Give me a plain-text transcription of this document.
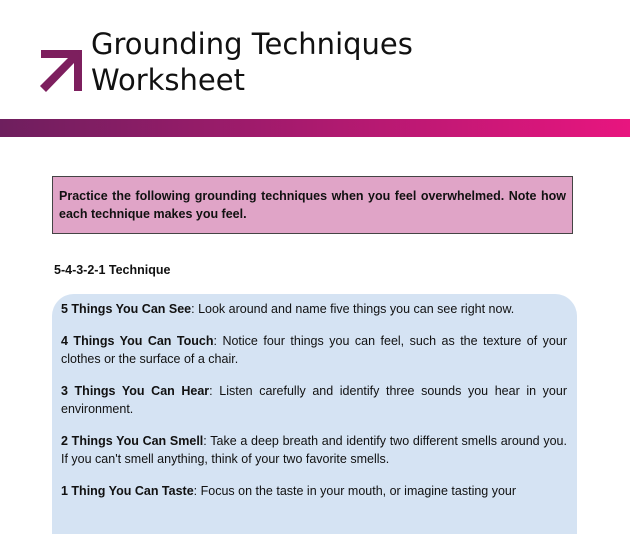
Grounding Techniques
Worksheet
Practice the following grounding techniques when you feel overwhelmed. Note how each technique makes you feel.
5-4-3-2-1 Technique

5 Things You Can See: Look around and name five things you can see right now.

4 Things You Can Touch: Notice four things you can feel, such as the texture of your clothes or the surface of a chair.

3 Things You Can Hear: Listen carefully and identify three sounds you hear in your environment.

2 Things You Can Smell: Take a deep breath and identify two different smells around you. If you can't smell anything, think of your two favorite smells.

1 Thing You Can Taste: Focus on the taste in your mouth, or imagine tasting your
